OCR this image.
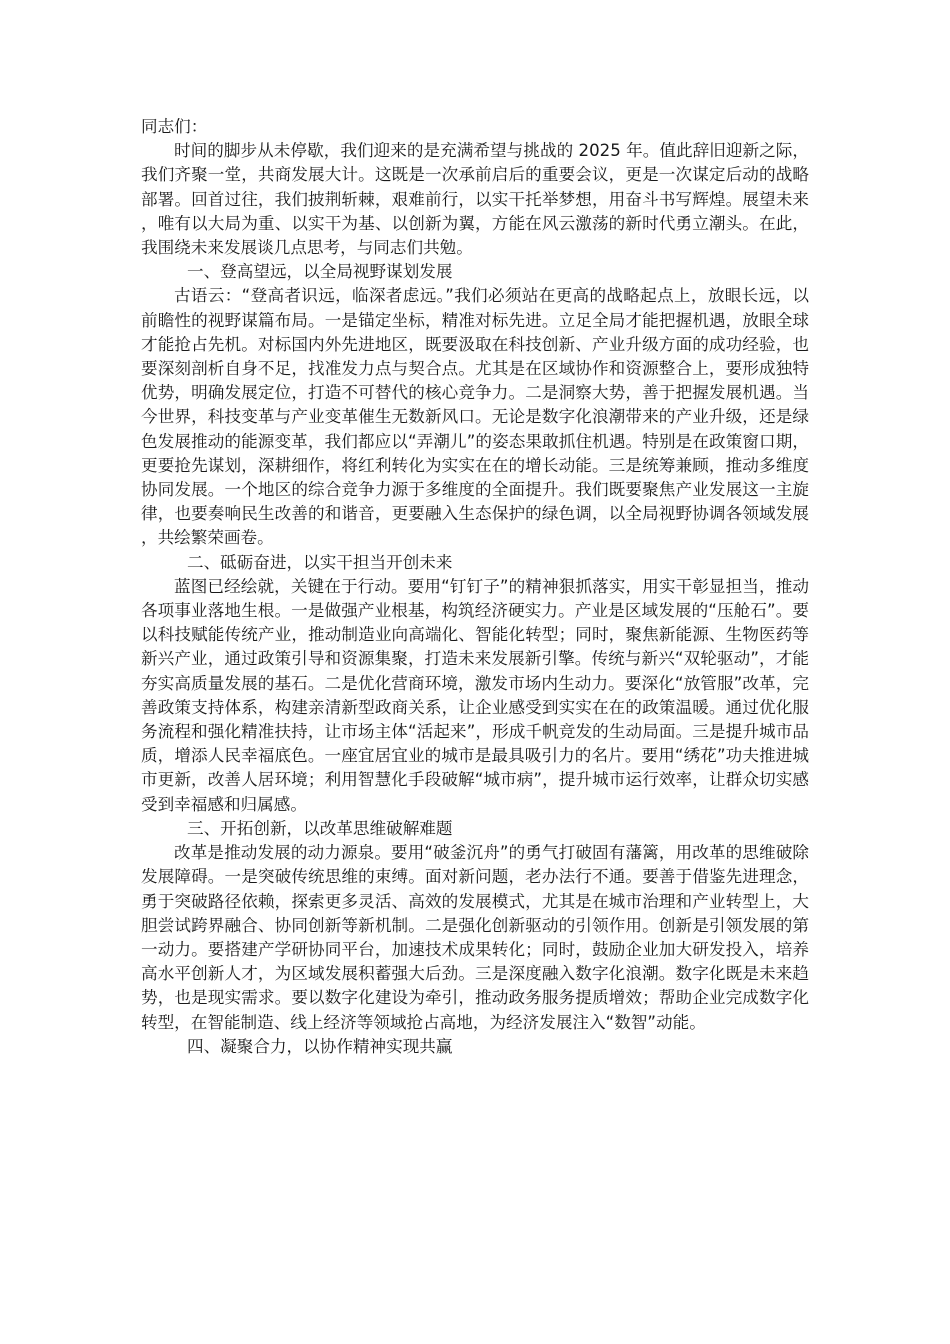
同志们：

时间的脚步从未停歇，我们迎来的是充满希望与挑战的 2025 年。值此辞旧迎新之际，我们齐聚一堂，共商发展大计。这既是一次承前启后的重要会议，更是一次谋定后动的战略部署。回首过往，我们披荆斩棘，艰难前行，以实干托举梦想，用奋斗书写辉煌。展望未来，唯有以大局为重、以实干为基、以创新为翼，方能在风云激荡的新时代勇立潮头。在此，我围绕未来发展谈几点思考，与同志们共勉。

一、登高望远，以全局视野谋划发展

古语云：“登高者识远，临深者虑远。”我们必须站在更高的战略起点上，放眼长远，以前瞻性的视野谋篇布局。一是锚定坐标，精准对标先进。立足全局才能把握机遇，放眼全球才能抢占先机。对标国内外先进地区，既要汲取在科技创新、产业升级方面的成功经验，也要深刻剖析自身不足，找准发力点与契合点。尤其是在区域协作和资源整合上，要形成独特优势，明确发展定位，打造不可替代的核心竞争力。二是洞察大势，善于把握发展机遇。当今世界，科技变革与产业变革催生无数新风口。无论是数字化浪潮带来的产业升级，还是绿色发展推动的能源变革，我们都应以“弄潮儿”的姿态果敢抓住机遇。特别是在政策窗口期，更要抢先谋划，深耕细作，将红利转化为实实在在的增长动能。三是统筹兼顾，推动多维度协同发展。一个地区的综合竞争力源于多维度的全面提升。我们既要聚焦产业发展这一主旋律，也要奏响民生改善的和谐音，更要融入生态保护的绿色调，以全局视野协调各领域发展，共绘繁荣画卷。

二、砥砺奋进，以实干担当开创未来

蓝图已经绘就，关键在于行动。要用“钉钉子”的精神狠抓落实，用实干彰显担当，推动各项事业落地生根。一是做强产业根基，构筑经济硬实力。产业是区域发展的“压舱石”。要以科技赋能传统产业，推动制造业向高端化、智能化转型；同时，聚焦新能源、生物医药等新兴产业，通过政策引导和资源集聚，打造未来发展新引擎。传统与新兴“双轮驱动”，才能夯实高质量发展的基石。二是优化营商环境，激发市场内生动力。要深化“放管服”改革，完善政策支持体系，构建亲清新型政商关系，让企业感受到实实在在的政策温暖。通过优化服务流程和强化精准扶持，让市场主体“活起来”，形成千帆竞发的生动局面。三是提升城市品质，增添人民幸福底色。一座宜居宜业的城市是最具吸引力的名片。要用“绣花”功夫推进城市更新，改善人居环境；利用智慧化手段破解“城市病”，提升城市运行效率，让群众切实感受到幸福感和归属感。

三、开拓创新，以改革思维破解难题

改革是推动发展的动力源泉。要用“破釜沉舟”的勇气打破固有藩篱，用改革的思维破除发展障碍。一是突破传统思维的束缚。面对新问题，老办法行不通。要善于借鉴先进理念，勇于突破路径依赖，探索更多灵活、高效的发展模式，尤其是在城市治理和产业转型上，大胆尝试跨界融合、协同创新等新机制。二是强化创新驱动的引领作用。创新是引领发展的第一动力。要搭建产学研协同平台，加速技术成果转化；同时，鼓励企业加大研发投入，培养高水平创新人才，为区域发展积蓄强大后劲。三是深度融入数字化浪潮。数字化既是未来趋势，也是现实需求。要以数字化建设为牵引，推动政务服务提质增效；帮助企业完成数字化转型，在智能制造、线上经济等领域抢占高地，为经济发展注入“数智”动能。

四、凝聚合力，以协作精神实现共赢
